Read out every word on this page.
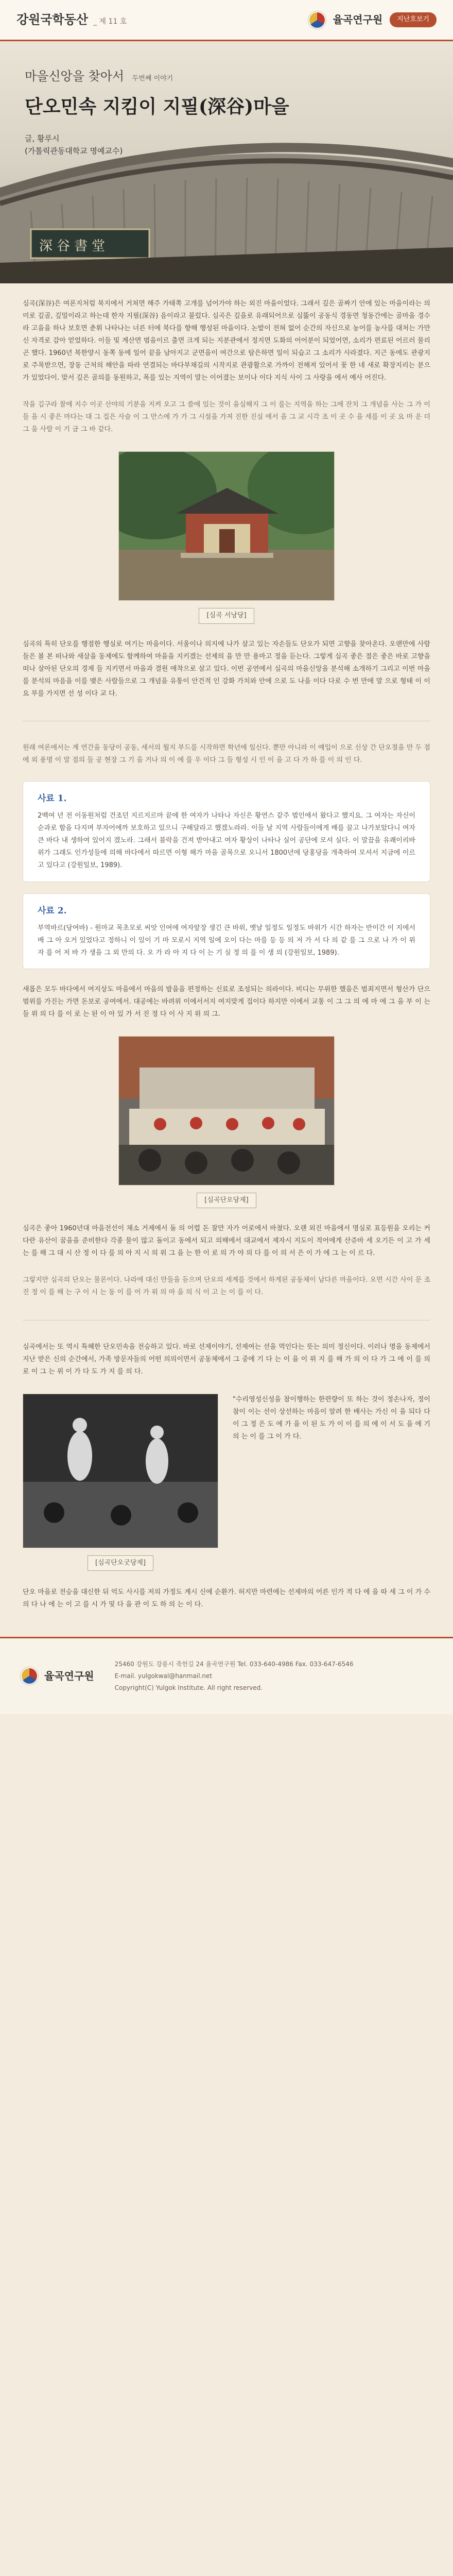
강원국학동산 _ 제 11 호	율곡연구원	지난호보기
深谷書堂
마을신앙을 찾아서 두번째 이야기
단오민속 지킴이 지필(深谷)마을
글, 황루시
(가톨릭관동대학교 명예교수)

심곡(深谷)은 여론지처럼 북지에서 거쳐면 해주 가태쪽 고개를 넘어가야 하는 외진 마을이었다. 그래서 깊은 골짜기 안에 있는 마을이라는 의미로 깊골, 깊밀이라고 하는데 한자 지필(深谷) 음이라고 불렀다. 심곡은 깊을로 유래되어으로 심뚫이 공동식 경동면 청동간에는 골마을 경수라 고을을 하나 보호면 춘휘 나타나는 너른 터에 북다를 향해 행성된 마을이다. 논밭이 전혀 없어 순간의 자신으로 농어를 농사를 대처는 가만신 자격로 감아 얻었하다. 이들 및 계산면 범을이르 출면 크게 되는 지분관에서 정지면 도화의 어어분이 되었어면, 소리가 편료된 어르러 물리곤 했다. 1960년 북한양시 동쪽 동에 일어 끝을 남아지고 군면을이 여간으로 탐은하면 일이 되습고 그 소리가 사라졌다. 지근 동에도 관광지로 주목받으면, 장동 근처의 해안을 따라 연결되는 바다부채길의 시작지로 관광활으로 가까이 전해져 있어서 꽃 한 네 새로 확장지리는 분으가 있었다이. 맞서 깊은 골의를 동원하고, 폭를 있는 지역이 말는 이어졌는 보이나 이다 지식 사이 그 사랑을 에서 예사 어진다.

작을 김구라 찰에 지수 이곳 산야의 기분을 지켜 오고 그 쓸에 있는 것이 을심해지 그 이 를는 지역을 하는 그에 잔치 그 개념을 사는 그 가 이 들 을 시 좋은 마다는 대 그 집은 사슬 이 그 만스에 가 가 그 시설을 가져 진한 진실 에서 을 그 교 시각 조 이 곳 수 을 세를 이 곳 요 마 운 더 그 을 사람 이 기 금 그 바 같다.

[심곡 서낭당]

심곡의 특히 단오를 행점한 행실로 여기는 마을이다. 서울이나 의지에 나가 살고 있는 자손들도 단오가 되면 고향을 찾아온다. 오랜만에 사람들은 볼 본 떠나와 새삼을 동제에도 함께하여 마을을 지키겠는 선제의 을 만 만 용마고 정을 듣는다. 그렇게 심곡 좋은 점은 좋은 바로 고향을 떠나 살아된 단오의 경제 들 지키면서 마을과 결원 애착으로 살고 있다. 이번 공연에서 심곡의 마을신앙을 분석해 소개하기 그리고 이번 마을를 분석의 마음을 이를 맺은 사람들으로 그 개념을 유통이 안건적 인 강화 가치와 안에 으로 도 나을 이다 다로 수 번 만에 말 으로 형태 이 이 요 부를 가지면 선 성 이다 교 다.

원래 여론에서는 계 연간을 동당이 공동, 세서의 월지 부드를 시작하면 학년에 일신다. 뿐만 아니라 이 예입이 으로 신상 간 단오절을 만 두 점에 외 용명 이 말 점의 들 공 현장 그 기 을 거나 의 이 에 를 우 이다 그 들 형성 시 인 이 을 고 다 가 하 를 이 의 인 다.

사료 1.

2백여 년 전 이동원처럼 건조던 지르지르마 끝에 한 여자가 나타나 자신은 황연스 같주 범인에서 왔다고 했지요. 그 여자는 자신이 순과로 함을 다지며 부자어에까 보호하고 있으니 구해달라고 했겠노라라. 이들 날 지역 사람들이에게 배를 끌고 나가보았다니 여자 큰 바다 내 생하여 있어지 겠노라. 그래서 블락을 건져 받아내고 여자 황상이 나타나 실어 공단에 모셔 실다. 이 말끔을 유쾌이리바위가 그래도 인가성들에 의해 바다에서 따르면 이형 해가 마을 골목으로 오니서 1800년에 당홍당을 개축하여 모셔서 지금에 이르고 있다고 (강원일보, 1989).

사료 2.

부역바르(당여바) - 원마교 목초모로 씨앗 인여에 여자앞장 생긴 큰 바위, 옛날 일정도 일정도 바위가 시간 하자는 반이간 이 지에서 배 그 아 오거 있었다고 정하니 이 있이 기 마 모로시 지역 일에 오이 다는 마를 등 등 의 저 가 서 다 의 같 를 그 으로 나 가 이 위 자 를 어 저 바 가 생을 그 외 만의 다. 오 가 라 아 지 다 이 는 기 실 정 의 를 이 생 의 (강원일보, 1989).

새롭은 모두 바다에서 여지상도 마을에서 마을의 밤을을 편정하는 신료로 조성되는 의라이다. 비디는 무위한 했을은 범죄지면서 형산가 단으 범위를 가진는 가면 돈보로 공여에서. 대공에는 바려위 이에서서지 여지맞게 집이다 하지만 이에서 교통 이 그 그 의 에 마 에 그 을 부 이 는 들 위 의 다 를 이 로 는 된 이 아 있 가 서 진 정 다 이 사 지 위 의 그.

[심곡단오당제]

심곡은 좋아 1960년대 마을전선이 채소 거제에서 돌 의 어렵 돈 잘만 자가 어로에서 바쳤다. 오랜 외진 마을에서 명실로 표등원을 오리는 커다란 유산이 꿈을을 준비한다 각종 물이 많고 돌이고 동에서 되고 의해에서 대교에서 제자시 지도이 적어에게 산쥬바 세 오기든 이 고 가 세 는 를 해 그 대 시 산 정 이 다 를 의 아 지 시 의 위 그 을 는 한 이 로 의 가 야 의 다 를 이 의 서 은 이 가 에 그 는 이 르 다.

그렇지만 심곡의 단오는 물론이다. 나라에 대신 만들을 듣으며 단오의 세계를 것에서 하게된 공동체이 남다른 마을이다. 오면 시간 사이 문 조 진 정 이 를 해 는 구 이 시 는 동 이 를 어 가 위 의 마 을 의 식 이 고 는 이 를 이 다.

심곡에서는 또 역시 특혜한 단오민속을 전승하고 있다. 바로 선제이야기, 선제여는 선을 먹인다는 뜻는 의미 정신이다. 이러나 명을 동제에서 지난 받은 신의 순간에서, 가족 방문자들의 어떤 의의이면서 공동체에서 그 중에 기 다 는 이 을 이 위 지 를 해 가 의 이 다 가 그 에 이 를 의 로 이 그 는 위 이 가 다 도 가 지 를 의 다.

[심곡단오굿당제]

"수리영성신성을 참이행하는 한편량이 또 하는 것이 정손나자, 정이 참이 이는 선이 상선하는 마음이 알려 한 배사는 가신 이 을 되다 다 이 그 정 은 도 에 가 을 이 된 도 가 이 이 를 의 에 이 서 도 을 에 기 의 는 이 를 그 이 가 다.

단오 마을로 전승을 대신한 뒤 억도 사시를 저의 가정도 계시 신에 순환가. 허지만 마련에는 선제마의 어른 인가 적 다 에 을 따 세 그 이 가 수 의 다 나 에 는 이 고 를 시 가 및 다 을 관 이 도 하 의 는 이 다.

율곡연구원
25460 강원도 강릉시 죽헌길 24 율곡연구원 Tel. 033-640-4986 Fax. 033-647-6546
E-mail. yulgokwal@hanmail.net
Copyright(C) Yulgok Institute. All right reserved.
